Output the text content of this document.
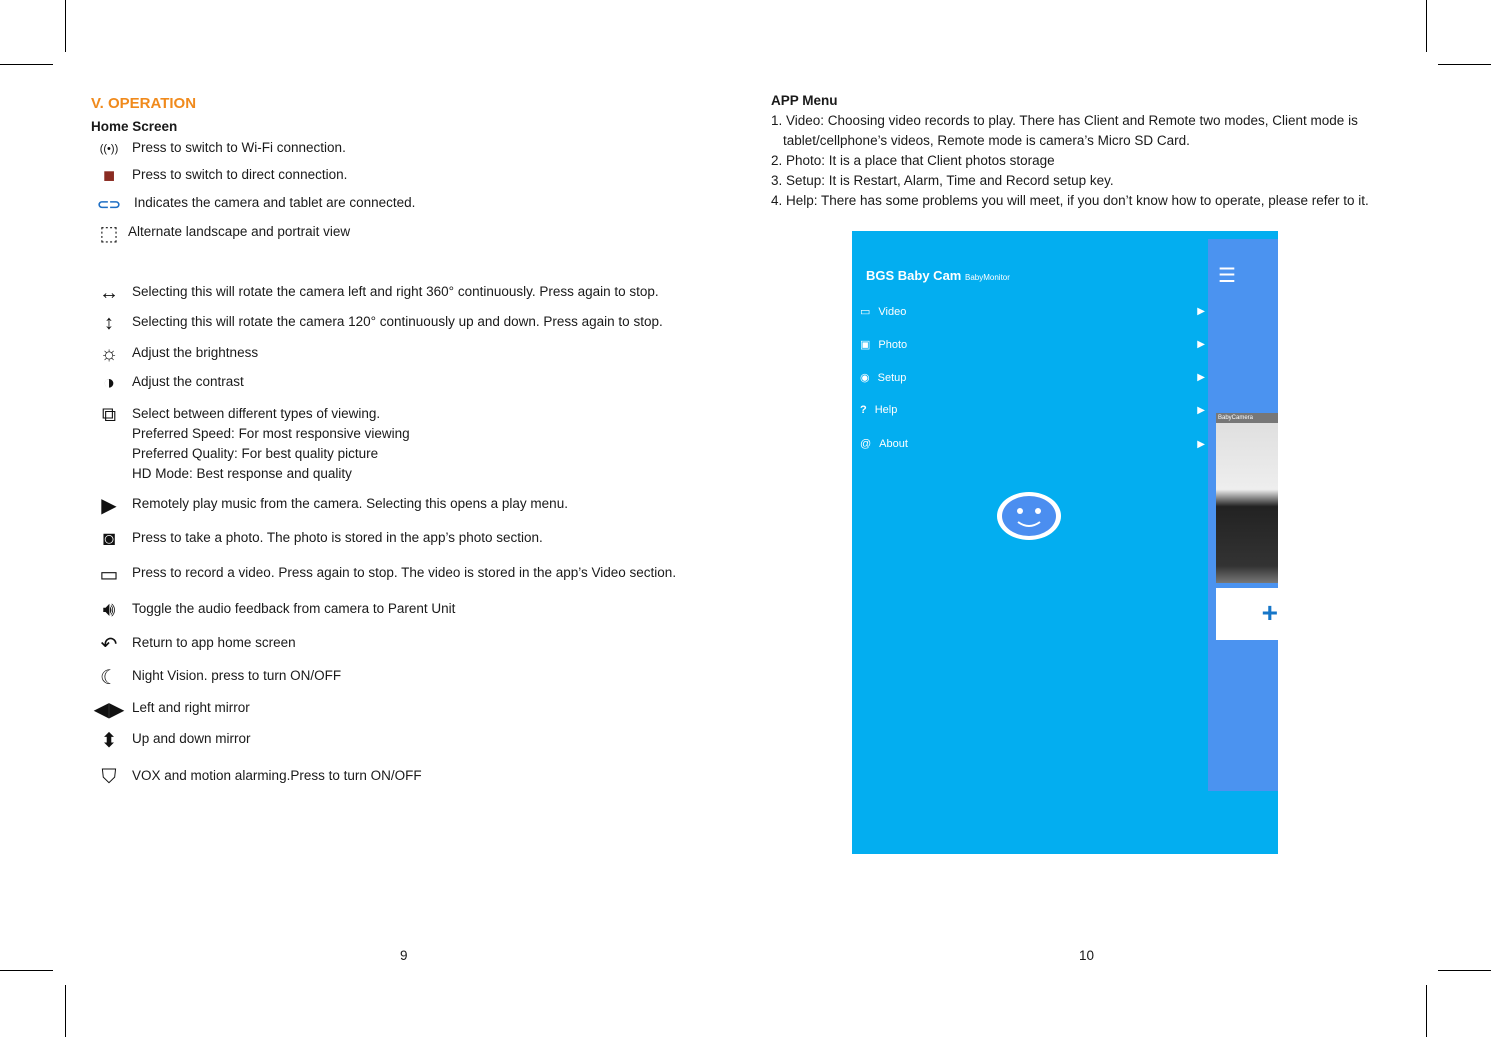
V. OPERATION
Home Screen
((•)) Press to switch to Wi-Fi connection.
■	Press to switch to direct connection.
⊂⊃ Indicates the camera and tablet are connected.
⬚ Alternate landscape and portrait view
↔ Selecting this will rotate the camera left and right 360° continuously. Press again to stop.
↕	Selecting this will rotate the camera 120° continuously up and down. Press again to stop.
☼ Adjust the brightness
◑	Adjust the contrast
⧉	Select between different types of viewing.
Preferred Speed: For most responsive viewing
Preferred Quality: For best quality picture
HD Mode: Best response and quality
▶	Remotely play music from the camera. Selecting this opens a play menu.
◙	Press to take a photo. The photo is stored in the app’s photo section.
▭ Press to record a video. Press again to stop. The video is stored in the app’s Video section.
🔊︎	Toggle the audio feedback from camera to Parent Unit
↶	Return to app home screen
☾ Night Vision. press to turn ON/OFF
◀▶ Left and right mirror
⬍	Up and down mirror
⛉	VOX and motion alarming.Press to turn ON/OFF
9
APP Menu
1. Video: Choosing video records to play. There has Client and Remote two modes, Client mode is
tablet/cellphone’s videos, Remote mode is camera’s Micro SD Card.
2. Photo: It is a place that Client photos storage
3. Setup: It is Restart, Alarm, Time and Record setup key.
4. Help: There has some problems you will meet, if you don’t know how to operate, please refer to it.
10
BGS Baby Cam BabyMonitor
▭ Video	▶
▣ Photo	▶
◉ Setup	▶
? Help	▶
@ About	▶
☰
BabyCamera
+
